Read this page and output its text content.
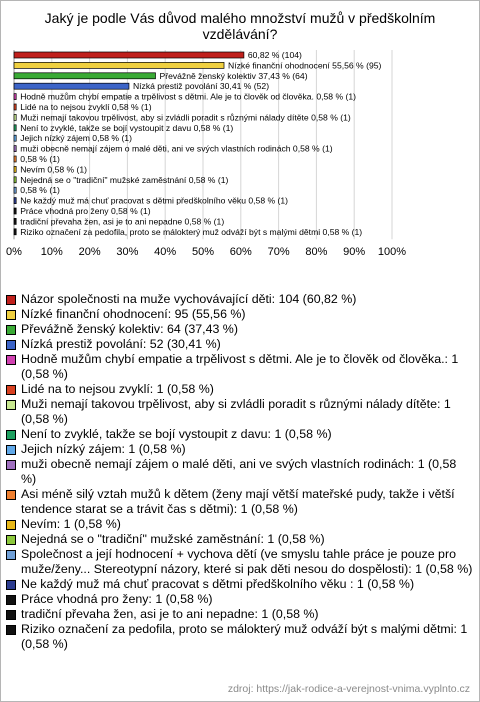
Jaký je podle Vás důvod malého množství mužů v předškolním vzdělávání?
60,82 % (104)
Nízké finanční ohodnocení 55,56 % (95)
Převážně ženský kolektiv 37,43 % (64)
Nízká prestiž povolání 30,41 % (52)
Hodně mužům chybí empatie a trpělivost s dětmi. Ale je to člověk od člověka. 0,58 % (1)
Lidé na to nejsou zvyklí 0,58 % (1)
Muži nemají takovou trpělivost, aby si zvládli poradit s různými nálady dítěte 0,58 % (1)
Není to zvyklé, takže se bojí vystoupit z davu 0,58 % (1)
Jejich nízký zájem 0,58 % (1)
muži obecně nemají zájem o malé děti, ani ve svých vlastních rodinách 0,58 % (1)
0,58 % (1)
Nevím 0,58 % (1)
Nejedná se o "tradiční" mužské zaměstnání 0,58 % (1)
0,58 % (1)
Ne každý muž má chuť pracovat s dětmi předškolního věku 0,58 % (1)
Práce vhodná pro ženy 0,58 % (1)
tradiční převaha žen, asi je to ani nepadne 0,58 % (1)
Riziko označení za pedofila, proto se málokterý muž odváží být s malými dětmi 0,58 % (1)
0% 10% 20% 30% 40% 50% 60% 70% 80% 90% 100%
Názor společnosti na muže vychovávající děti: 104 (60,82 %)
Nízké finanční ohodnocení: 95 (55,56 %)
Převážně ženský kolektiv: 64 (37,43 %)
Nízká prestiž povolání: 52 (30,41 %)
Hodně mužům chybí empatie a trpělivost s dětmi. Ale je to člověk od člověka.: 1 (0,58 %)
Lidé na to nejsou zvyklí: 1 (0,58 %)
Muži nemají takovou trpělivost, aby si zvládli poradit s různými nálady dítěte: 1 (0,58 %)
Není to zvyklé, takže se bojí vystoupit z davu: 1 (0,58 %)
Jejich nízký zájem: 1 (0,58 %)
muži obecně nemají zájem o malé děti, ani ve svých vlastních rodinách: 1 (0,58 %)
Asi méně silý vztah mužů k dětem (ženy mají větší mateřské pudy, takže i větší tendence starat se a trávit čas s dětmi): 1 (0,58 %)
Nevím: 1 (0,58 %)
Nejedná se o "tradiční" mužské zaměstnání: 1 (0,58 %)
Společnost a její hodnocení + vychova dětí (ve smyslu tahle práce je pouze pro muže/ženy... Stereotypní názory, které si pak děti nesou do dospělosti): 1 (0,58 %)
Ne každý muž má chuť pracovat s dětmi předškolního věku : 1 (0,58 %)
Práce vhodná pro ženy: 1 (0,58 %)
tradiční převaha žen, asi je to ani nepadne: 1 (0,58 %)
Riziko označení za pedofila, proto se málokterý muž odváží být s malými dětmi: 1 (0,58 %)
zdroj: https://jak-rodice-a-verejnost-vnima.vyplnto.cz
